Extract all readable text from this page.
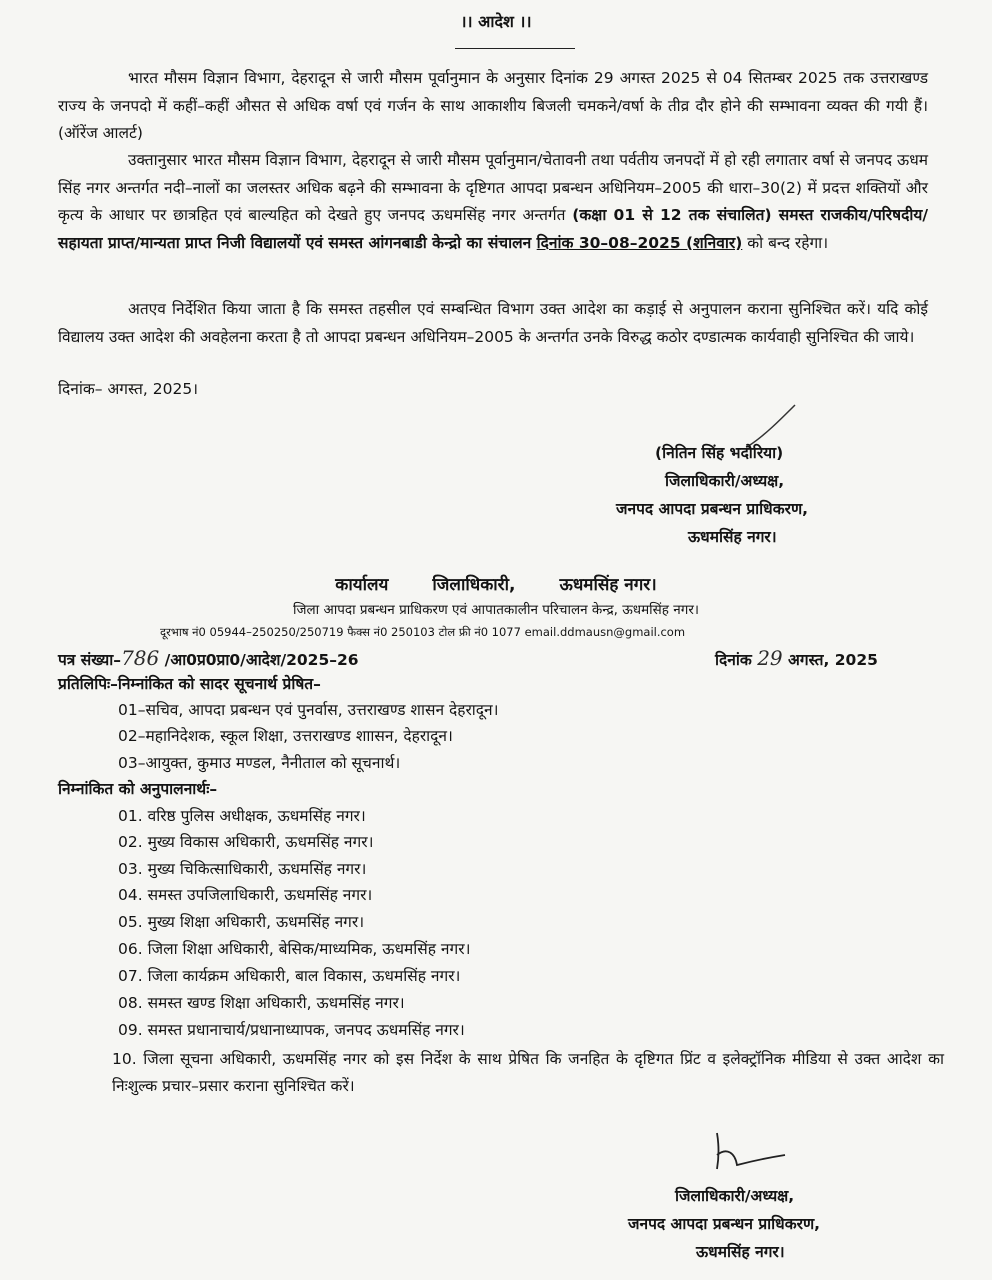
।। आदेश ।।
भारत मौसम विज्ञान विभाग, देहरादून से जारी मौसम पूर्वानुमान के अनुसार दिनांक 29 अगस्त 2025 से 04 सितम्बर 2025 तक उत्तराखण्ड राज्य के जनपदो में कहीं–कहीं औसत से अधिक वर्षा एवं गर्जन के साथ आकाशीय बिजली चमकने/वर्षा के तीव्र दौर होने की सम्भावना व्यक्त की गयी हैं। (ऑरेंज आलर्ट)
उक्तानुसार भारत मौसम विज्ञान विभाग, देहरादून से जारी मौसम पूर्वानुमान/चेतावनी तथा पर्वतीय जनपदों में हो रही लगातार वर्षा से जनपद ऊधम सिंह नगर अन्तर्गत नदी–नालों का जलस्तर अधिक बढ़ने की सम्भावना के दृष्टिगत आपदा प्रबन्धन अधिनियम–2005 की धारा–30(2) में प्रदत्त शक्तियों और कृत्य के आधार पर छात्रहित एवं बाल्यहित को देखते हुए जनपद ऊधमसिंह नगर अन्तर्गत (कक्षा 01 से 12 तक संचालित) समस्त राजकीय/परिषदीय/सहायता प्राप्त/मान्यता प्राप्त निजी विद्यालयों एवं समस्त आंगनबाडी केन्द्रो का संचालन दिनांक 30–08–2025 (शनिवार) को बन्द रहेगा।
अतएव निर्देशित किया जाता है कि समस्त तहसील एवं सम्बन्धित विभाग उक्त आदेश का कड़ाई से अनुपालन कराना सुनिश्चित करें। यदि कोई विद्यालय उक्त आदेश की अवहेलना करता है तो आपदा प्रबन्धन अधिनियम–2005 के अन्तर्गत उनके विरुद्ध कठोर दण्डात्मक कार्यवाही सुनिश्चित की जाये।
दिनांक– अगस्त, 2025।
(नितिन सिंह भदौरिया)
जिलाधिकारी/अध्यक्ष,
जनपद आपदा प्रबन्धन प्राधिकरण,
ऊधमसिंह नगर।
कार्यालय	जिलाधिकारी,	ऊधमसिंह नगर।
जिला आपदा प्रबन्धन प्राधिकरण एवं आपातकालीन परिचालन केन्द्र, ऊधमसिंह नगर।
दूरभाष नं0 05944–250250/250719 फैक्स नं0 250103 टोल फ्री नं0 1077 email.ddmausn@gmail.com
पत्र संख्या–786 /आ0प्र0प्रा0/आदेश/2025–26	दिनांक 29 अगस्त, 2025
प्रतिलिपिः–निम्नांकित को सादर सूचनार्थ प्रेषित–
01–सचिव, आपदा प्रबन्धन एवं पुनर्वास, उत्तराखण्ड शासन देहरादून।
02–महानिदेशक, स्कूल शिक्षा, उत्तराखण्ड शाासन, देहरादून।
03–आयुक्त, कुमाउ मण्डल, नैनीताल को सूचनार्थ।
निम्नांकित को अनुपालनार्थः–
01. वरिष्ठ पुलिस अधीक्षक, ऊधमसिंह नगर।
02. मुख्य विकास अधिकारी, ऊधमसिंह नगर।
03. मुख्य चिकित्साधिकारी, ऊधमसिंह नगर।
04. समस्त उपजिलाधिकारी, ऊधमसिंह नगर।
05. मुख्य शिक्षा अधिकारी, ऊधमसिंह नगर।
06. जिला शिक्षा अधिकारी, बेसिक/माध्यमिक, ऊधमसिंह नगर।
07. जिला कार्यक्रम अधिकारी, बाल विकास, ऊधमसिंह नगर।
08. समस्त खण्ड शिक्षा अधिकारी, ऊधमसिंह नगर।
09. समस्त प्रधानाचार्य/प्रधानाध्यापक, जनपद ऊधमसिंह नगर।
10. जिला सूचना अधिकारी, ऊधमसिंह नगर को इस निर्देश के साथ प्रेषित कि जनहित के दृष्टिगत प्रिंट व इलेक्ट्रॉनिक मीडिया से उक्त आदेश का निःशुल्क प्रचार–प्रसार कराना सुनिश्चित करें।
जिलाधिकारी/अध्यक्ष,
जनपद आपदा प्रबन्धन प्राधिकरण,
ऊधमसिंह नगर।
